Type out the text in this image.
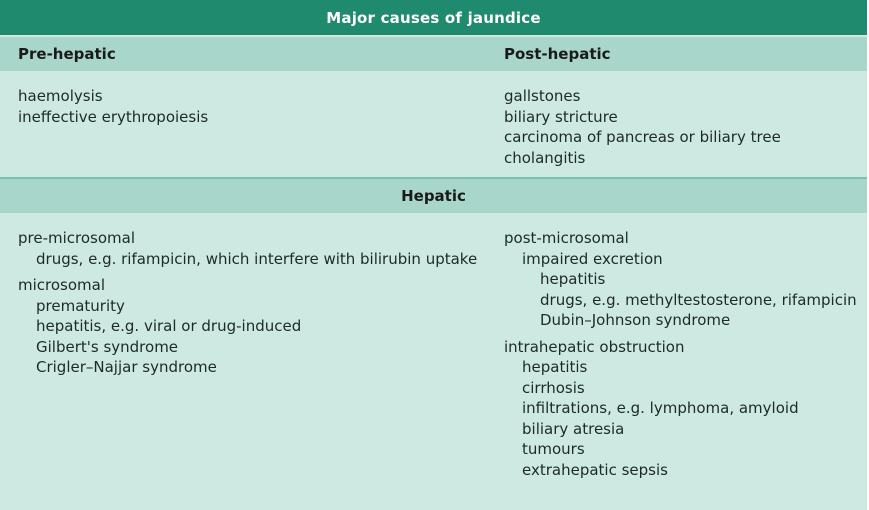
Major causes of jaundice
Pre-hepatic	Post-hepatic
haemolysis
ineffective erythropoiesis
gallstones
biliary stricture
carcinoma of pancreas or biliary tree
cholangitis
Hepatic
pre-microsomal
drugs, e.g. rifampicin, which interfere with bilirubin uptake
microsomal
prematurity
hepatitis, e.g. viral or drug-induced
Gilbert's syndrome
Crigler–Najjar syndrome
post-microsomal
impaired excretion
hepatitis
drugs, e.g. methyltestosterone, rifampicin
Dubin–Johnson syndrome
intrahepatic obstruction
hepatitis
cirrhosis
infiltrations, e.g. lymphoma, amyloid
biliary atresia
tumours
extrahepatic sepsis
